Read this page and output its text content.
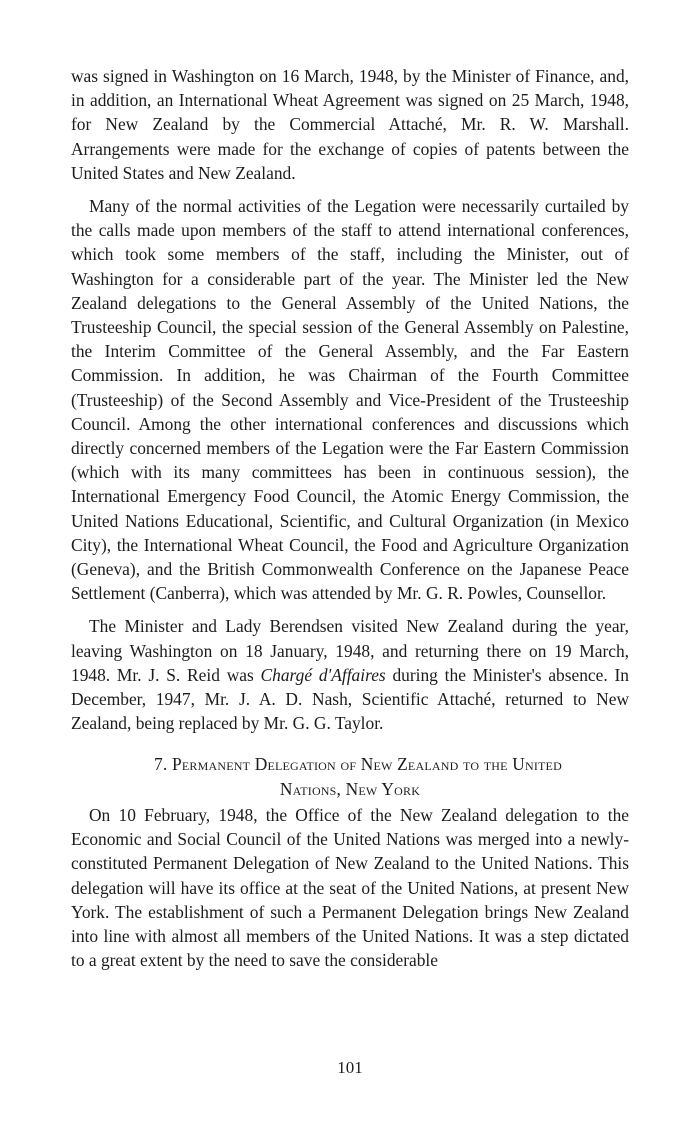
was signed in Washington on 16 March, 1948, by the Minister of Finance, and, in addition, an International Wheat Agreement was signed on 25 March, 1948, for New Zealand by the Commercial Attaché, Mr. R. W. Marshall. Arrangements were made for the exchange of copies of patents between the United States and New Zealand.

Many of the normal activities of the Legation were necessarily curtailed by the calls made upon members of the staff to attend international conferences, which took some members of the staff, including the Minister, out of Washington for a considerable part of the year. The Minister led the New Zealand delegations to the General Assembly of the United Nations, the Trusteeship Council, the special session of the General Assembly on Palestine, the Interim Committee of the General Assembly, and the Far Eastern Commission. In addition, he was Chairman of the Fourth Committee (Trusteeship) of the Second Assembly and Vice-President of the Trusteeship Council. Among the other international conferences and discussions which directly concerned members of the Legation were the Far Eastern Commission (which with its many committees has been in continuous session), the International Emergency Food Council, the Atomic Energy Commission, the United Nations Educational, Scientific, and Cultural Organization (in Mexico City), the International Wheat Council, the Food and Agriculture Organization (Geneva), and the British Commonwealth Conference on the Japanese Peace Settlement (Canberra), which was attended by Mr. G. R. Powles, Counsellor.

The Minister and Lady Berendsen visited New Zealand during the year, leaving Washington on 18 January, 1948, and returning there on 19 March, 1948. Mr. J. S. Reid was Chargé d'Affaires during the Minister's absence. In December, 1947, Mr. J. A. D. Nash, Scientific Attaché, returned to New Zealand, being replaced by Mr. G. G. Taylor.

7. Permanent Delegation of New Zealand to the United
Nations, New York

On 10 February, 1948, the Office of the New Zealand delegation to the Economic and Social Council of the United Nations was merged into a newly-constituted Permanent Delegation of New Zealand to the United Nations. This delegation will have its office at the seat of the United Nations, at present New York. The establishment of such a Permanent Delegation brings New Zealand into line with almost all members of the United Nations. It was a step dictated to a great extent by the need to save the considerable

101
